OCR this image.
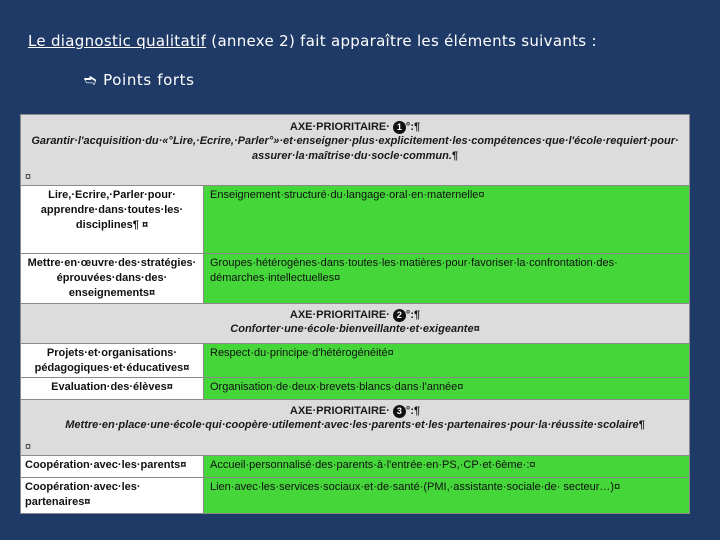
Le diagnostic qualitatif (annexe 2) fait apparaître les éléments suivants :
➬ Points forts
AXE·PRIORITAIRE· 1 °:¶
Garantir·l'acquisition·du·«°Lire,·Ecrire,·Parler°»·et·enseigner·plus·explicitement·les·compétences·que·l'école·requiert·pour· assurer·la·maîtrise·du·socle·commun.¶
¤
Lire,·Ecrire,·Parler·pour· apprendre·dans·toutes·les· disciplines¶ ¤
Enseignement·structuré·du·langage·oral·en·maternelle¤
Mettre·en·œuvre·des·stratégies· éprouvées·dans·des· enseignements¤
Groupes·hétérogènes·dans·toutes·les·matières·pour·favoriser·la·confrontation·des· démarches·intellectuelles¤
AXE·PRIORITAIRE· 2 °:¶
Conforter·une·école·bienveillante·et·exigeante¤
Projets·et·organisations· pédagogiques·et·éducatives¤
Respect·du·principe·d'hétérogénéité¤
Evaluation·des·élèves¤	Organisation·de·deux·brevets·blancs·dans·l'année¤
AXE·PRIORITAIRE· 3 °:¶
Mettre·en·place·une·école·qui·coopère·utilement·avec·les·parents·et·les·partenaires·pour·la·réussite·scolaire¶
¤
Coopération·avec·les·parents¤	Accueil·personnalisé·des·parents·à·l'entrée·en·PS,·CP·et·6ème·:¤
Coopération·avec·les· partenaires¤
Lien·avec·les·services·sociaux·et·de·santé·(PMI,·assistante·sociale·de· secteur…)¤
